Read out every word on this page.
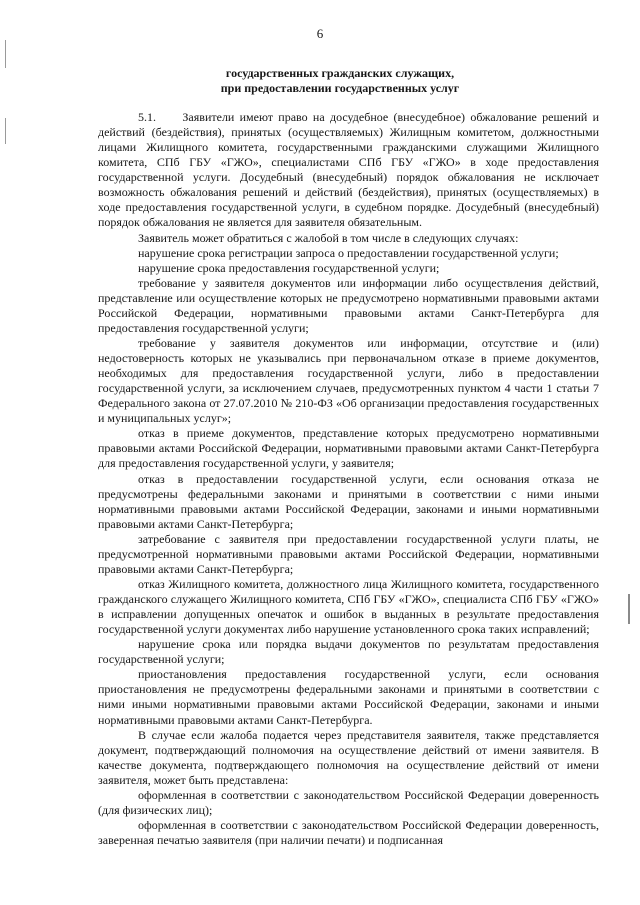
6
государственных гражданских служащих,
при предоставлении государственных услуг

5.1.     Заявители имеют право на досудебное (внесудебное) обжалование решений и действий (бездействия), принятых (осуществляемых) Жилищным комитетом, должностными лицами Жилищного комитета, государственными гражданскими служащими Жилищного комитета, СПб ГБУ «ГЖО», специалистами СПб ГБУ «ГЖО» в ходе предоставления государственной услуги. Досудебный (внесудебный) порядок обжалования не исключает возможность обжалования решений и действий (бездействия), принятых (осуществляемых) в ходе предоставления государственной услуги, в судебном порядке. Досудебный (внесудебный) порядок обжалования не является для заявителя обязательным.

Заявитель может обратиться с жалобой в том числе в следующих случаях:

нарушение срока регистрации запроса о предоставлении государственной услуги;

нарушение срока предоставления государственной услуги;

требование у заявителя документов или информации либо осуществления действий, представление или осуществление которых не предусмотрено нормативными правовыми актами Российской Федерации, нормативными правовыми актами Санкт-Петербурга для предоставления государственной услуги;

требование у заявителя документов или информации, отсутствие и (или) недостоверность которых не указывались при первоначальном отказе в приеме документов, необходимых для предоставления государственной услуги, либо в предоставлении государственной услуги, за исключением случаев, предусмотренных пунктом 4 части 1 статьи 7 Федерального закона от 27.07.2010 № 210-ФЗ «Об организации предоставления государственных и муниципальных услуг»;

отказ в приеме документов, представление которых предусмотрено нормативными правовыми актами Российской Федерации, нормативными правовыми актами Санкт-Петербурга для предоставления государственной услуги, у заявителя;

отказ в предоставлении государственной услуги, если основания отказа не предусмотрены федеральными законами и принятыми в соответствии с ними иными нормативными правовыми актами Российской Федерации, законами и иными нормативными правовыми актами Санкт-Петербурга;

затребование с заявителя при предоставлении государственной услуги платы, не предусмотренной нормативными правовыми актами Российской Федерации, нормативными правовыми актами Санкт-Петербурга;

отказ Жилищного комитета, должностного лица Жилищного комитета, государственного гражданского служащего Жилищного комитета, СПб ГБУ «ГЖО», специалиста СПб ГБУ «ГЖО» в исправлении допущенных опечаток и ошибок в выданных в результате предоставления государственной услуги документах либо нарушение установленного срока таких исправлений;

нарушение срока или порядка выдачи документов по результатам предоставления государственной услуги;

приостановления предоставления государственной услуги, если основания приостановления не предусмотрены федеральными законами и принятыми в соответствии с ними иными нормативными правовыми актами Российской Федерации, законами и иными нормативными правовыми актами Санкт-Петербурга.

В случае если жалоба подается через представителя заявителя, также представляется документ, подтверждающий полномочия на осуществление действий от имени заявителя. В качестве документа, подтверждающего полномочия на осуществление действий от имени заявителя, может быть представлена:

оформленная в соответствии с законодательством Российской Федерации доверенность (для физических лиц);

оформленная в соответствии с законодательством Российской Федерации доверенность, заверенная печатью заявителя (при наличии печати) и подписанная
